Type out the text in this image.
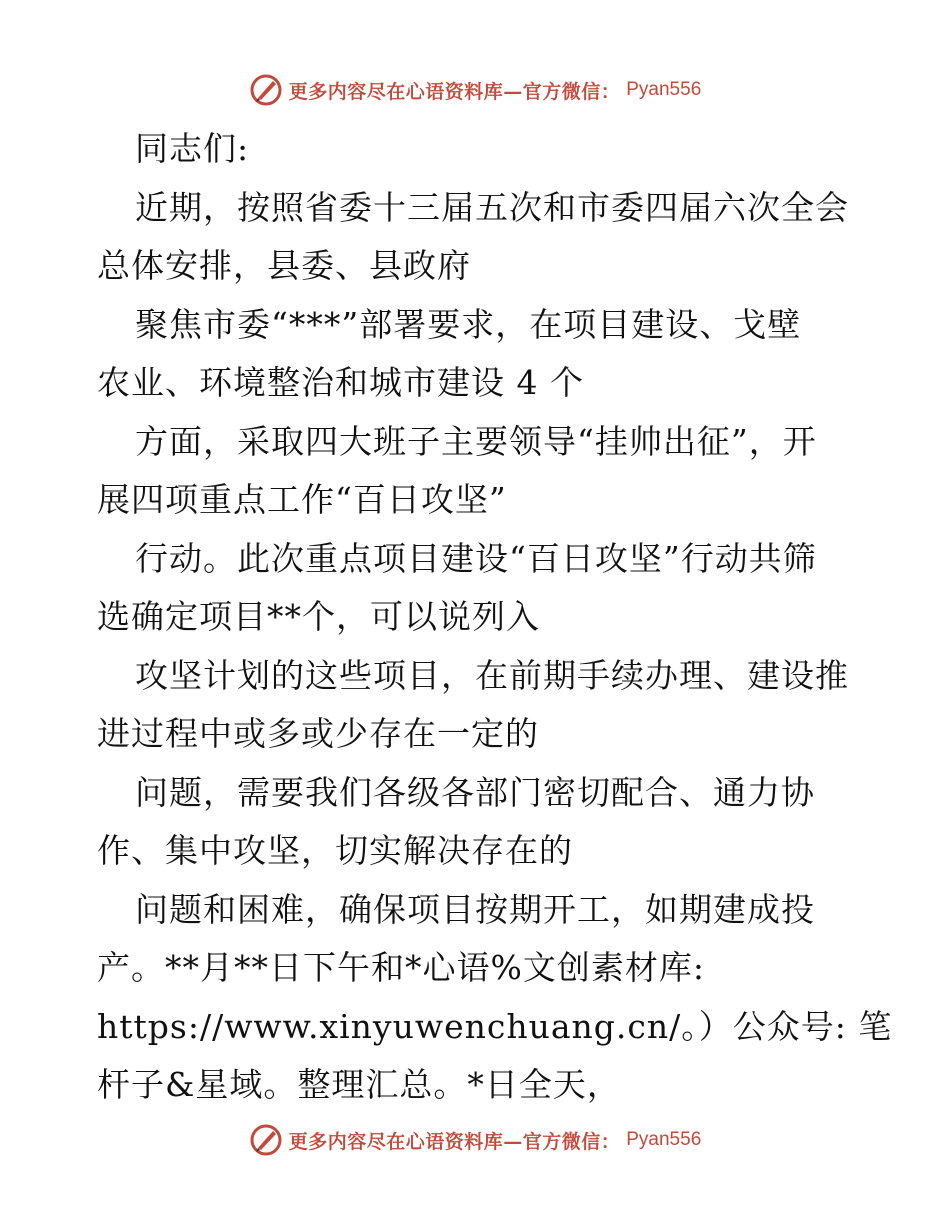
更多内容尽在心语资料库—官方微信： Pyan556
同志们:
近期，按照省委十三届五次和市委四届六次全会
总体安排，县委、县政府
聚焦市委“***”部署要求，在项目建设、戈壁
农业、环境整治和城市建设 4 个
方面，采取四大班子主要领导“挂帅出征”，开
展四项重点工作“百日攻坚”
行动。此次重点项目建设“百日攻坚”行动共筛
选确定项目**个，可以说列入
攻坚计划的这些项目，在前期手续办理、建设推
进过程中或多或少存在一定的
问题，需要我们各级各部门密切配合、通力协
作、集中攻坚，切实解决存在的
问题和困难，确保项目按期开工，如期建成投
产。**月**日下午和*心语%文创素材库:
https://www.xinyuwenchuang.cn/。）公众号: 笔
杆子&星域。整理汇总。*日全天，
更多内容尽在心语资料库—官方微信： Pyan556
